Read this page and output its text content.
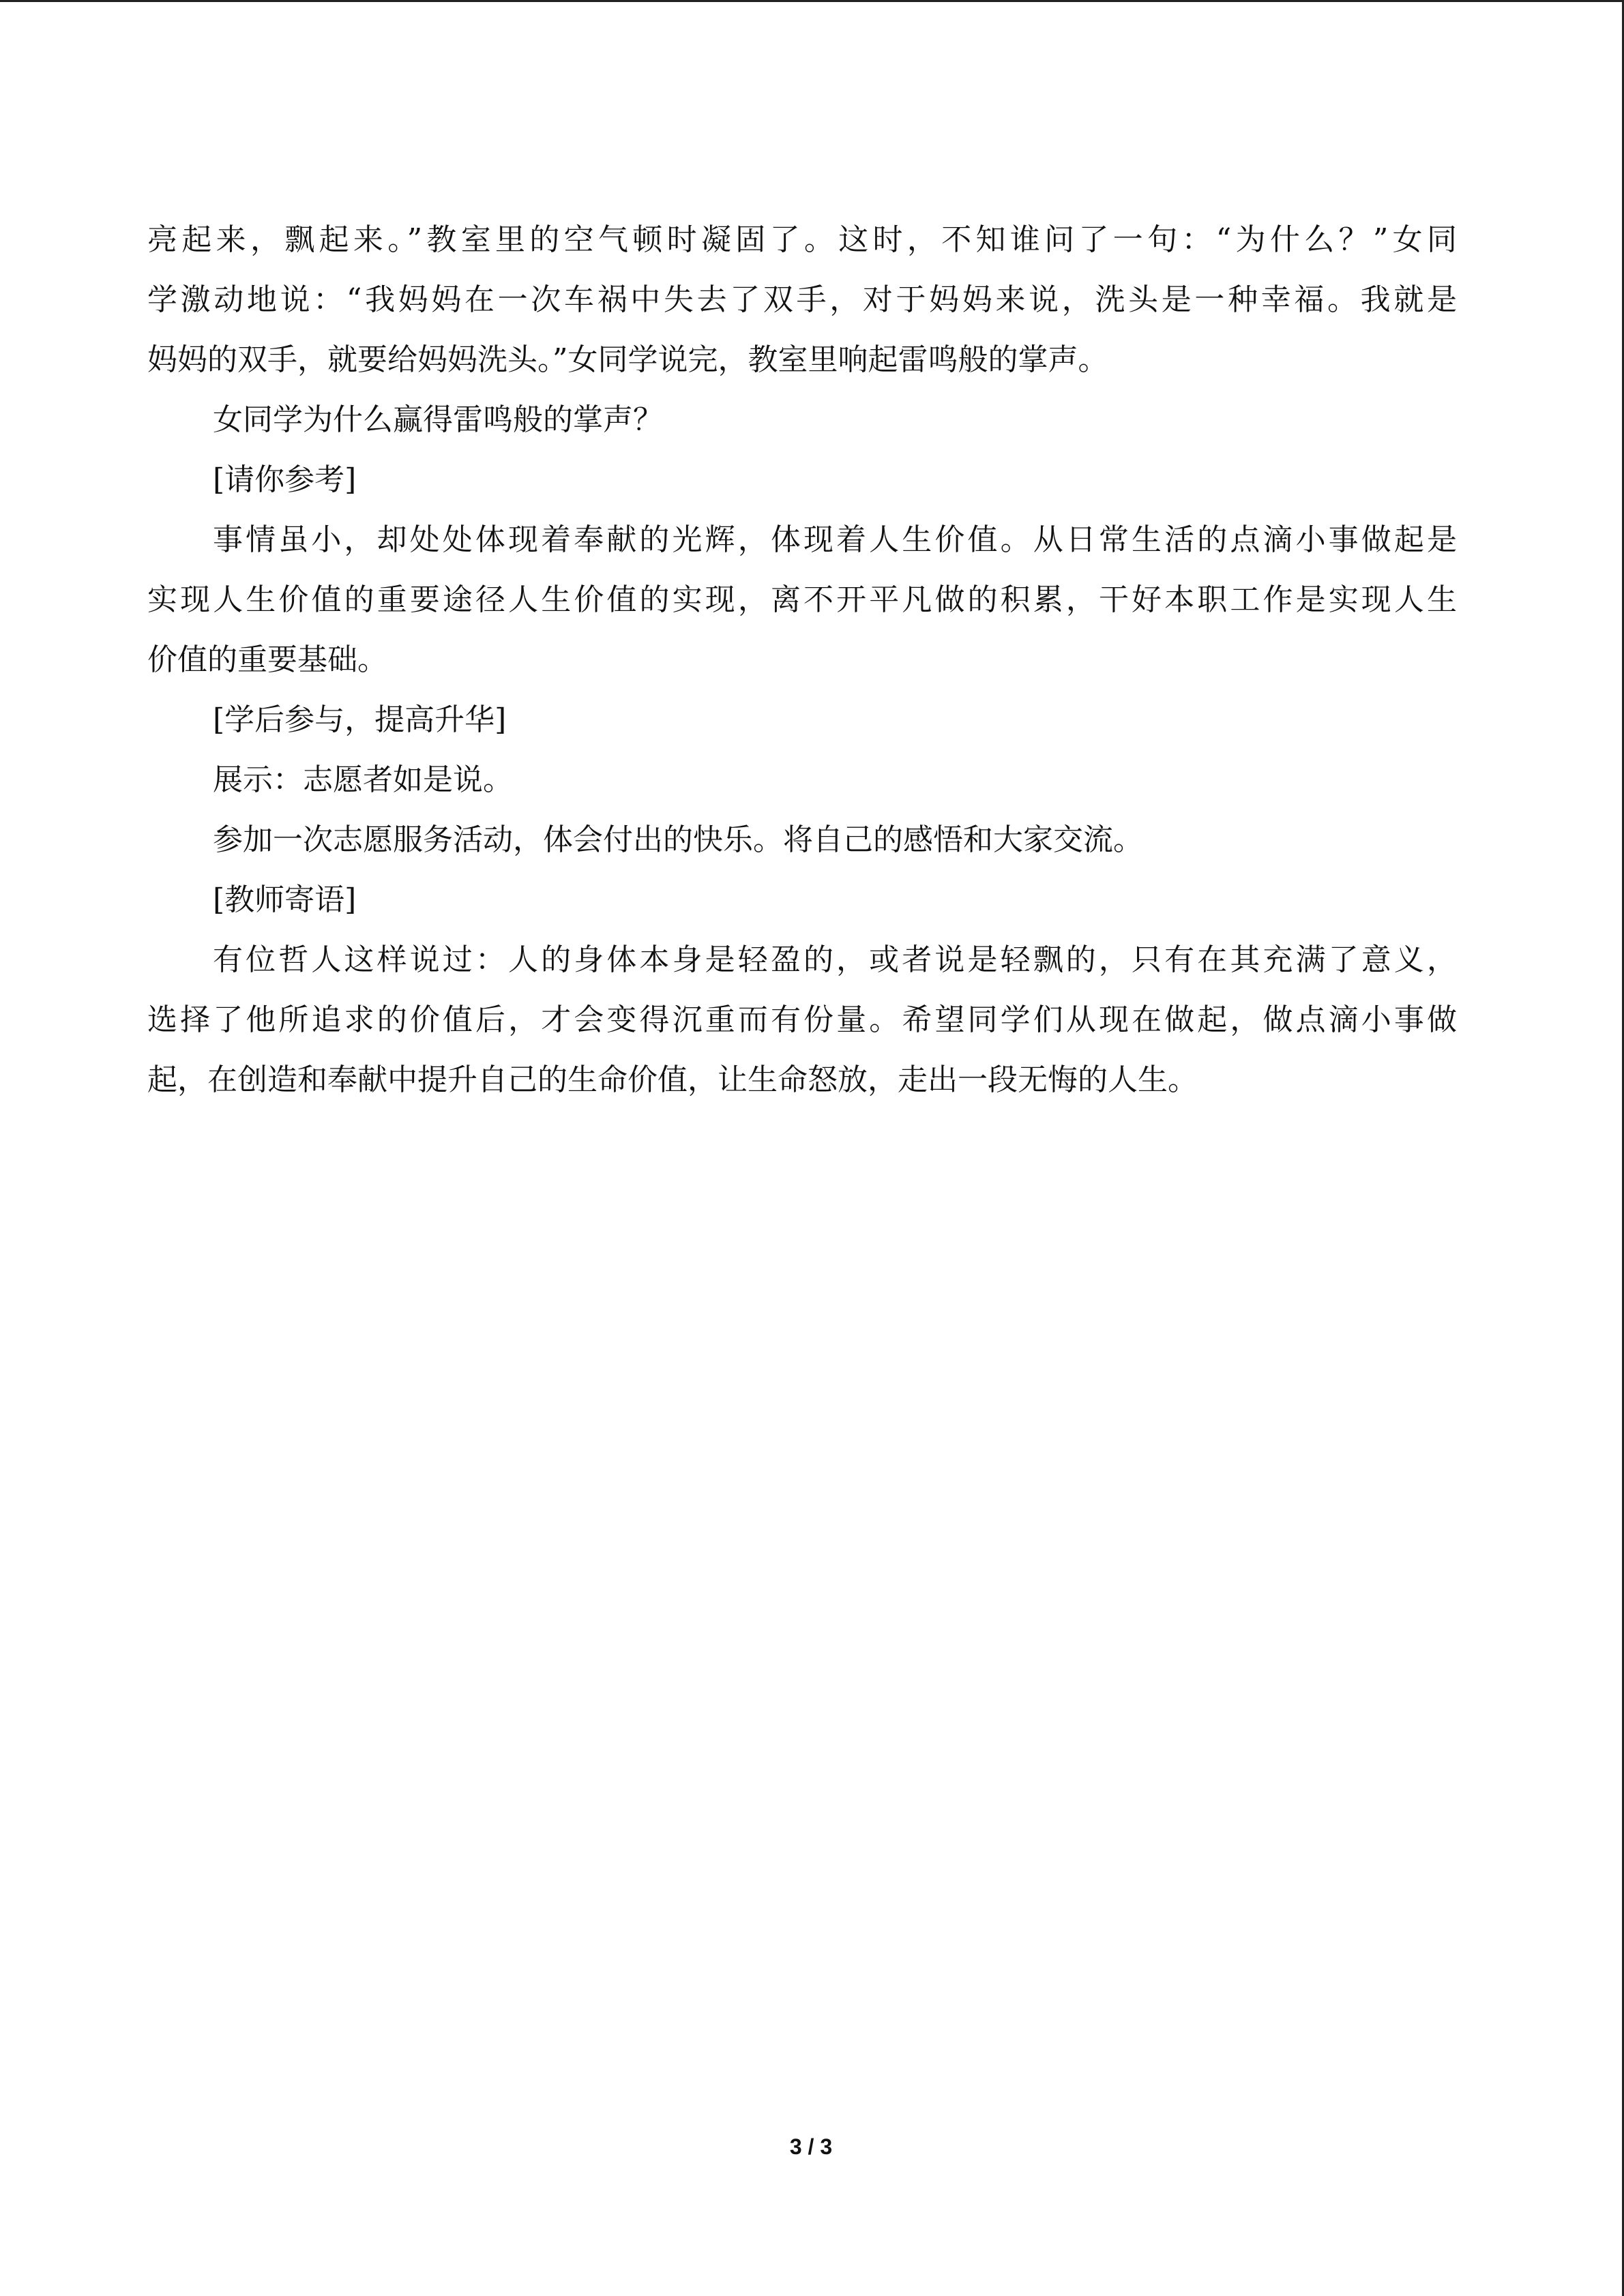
亮起来，飘起来。”教室里的空气顿时凝固了。这时，不知谁问了一句：“为什么？”女同

学激动地说：“我妈妈在一次车祸中失去了双手，对于妈妈来说，洗头是一种幸福。我就是

妈妈的双手，就要给妈妈洗头。”女同学说完，教室里响起雷鸣般的掌声。

女同学为什么赢得雷鸣般的掌声？

[请你参考]

事情虽小，却处处体现着奉献的光辉，体现着人生价值。从日常生活的点滴小事做起是

实现人生价值的重要途径人生价值的实现，离不开平凡做的积累，干好本职工作是实现人生

价值的重要基础。

[学后参与，提高升华]

展示：志愿者如是说。

参加一次志愿服务活动，体会付出的快乐。将自己的感悟和大家交流。

[教师寄语]

有位哲人这样说过：人的身体本身是轻盈的，或者说是轻飘的，只有在其充满了意义，

选择了他所追求的价值后，才会变得沉重而有份量。希望同学们从现在做起，做点滴小事做

起，在创造和奉献中提升自己的生命价值，让生命怒放，走出一段无悔的人生。

3 / 3
